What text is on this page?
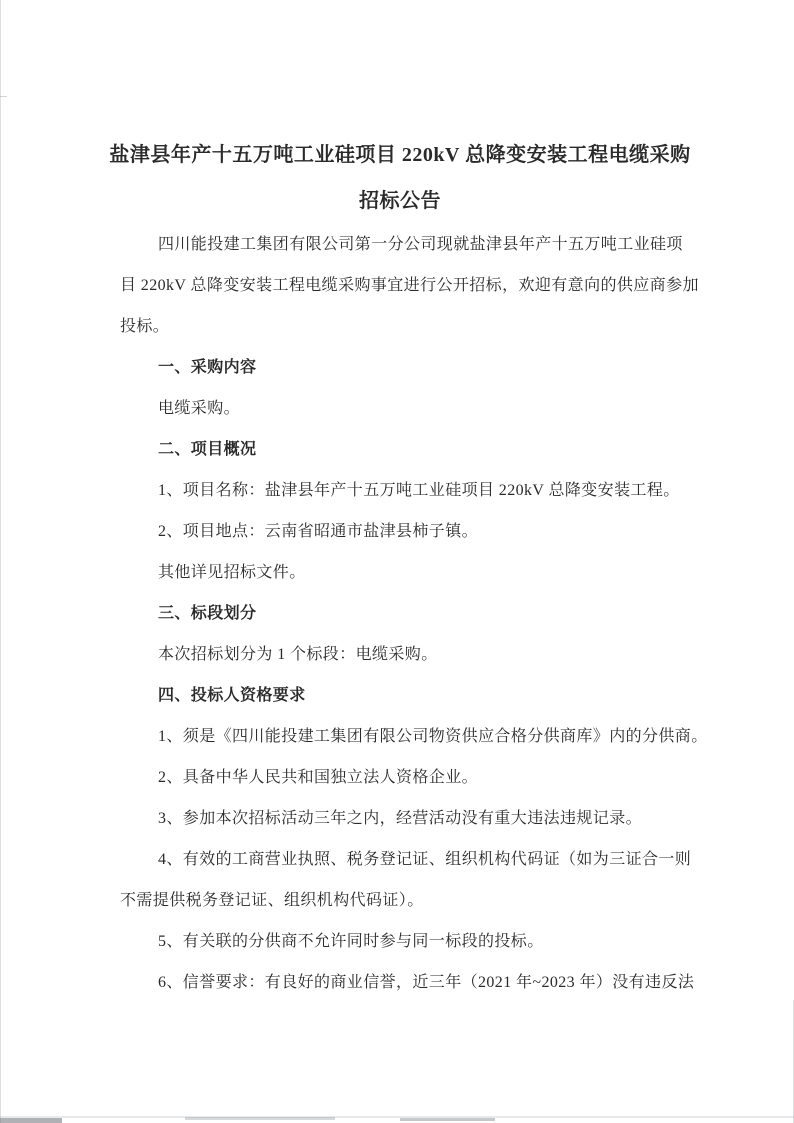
盐津县年产十五万吨工业硅项目 220kV 总降变安装工程电缆采购
招标公告
四川能投建工集团有限公司第一分公司现就盐津县年产十五万吨工业硅项
目 220kV 总降变安装工程电缆采购事宜进行公开招标，欢迎有意向的供应商参加
投标。
一、采购内容
电缆采购。
二、项目概况
1、项目名称：盐津县年产十五万吨工业硅项目 220kV 总降变安装工程。
2、项目地点：云南省昭通市盐津县柿子镇。
其他详见招标文件。
三、标段划分
本次招标划分为 1 个标段：电缆采购。
四、投标人资格要求
1、须是《四川能投建工集团有限公司物资供应合格分供商库》内的分供商。
2、具备中华人民共和国独立法人资格企业。
3、参加本次招标活动三年之内，经营活动没有重大违法违规记录。
4、有效的工商营业执照、税务登记证、组织机构代码证（如为三证合一则
不需提供税务登记证、组织机构代码证）。
5、有关联的分供商不允许同时参与同一标段的投标。
6、信誉要求：有良好的商业信誉，近三年（2021 年~2023 年）没有违反法
